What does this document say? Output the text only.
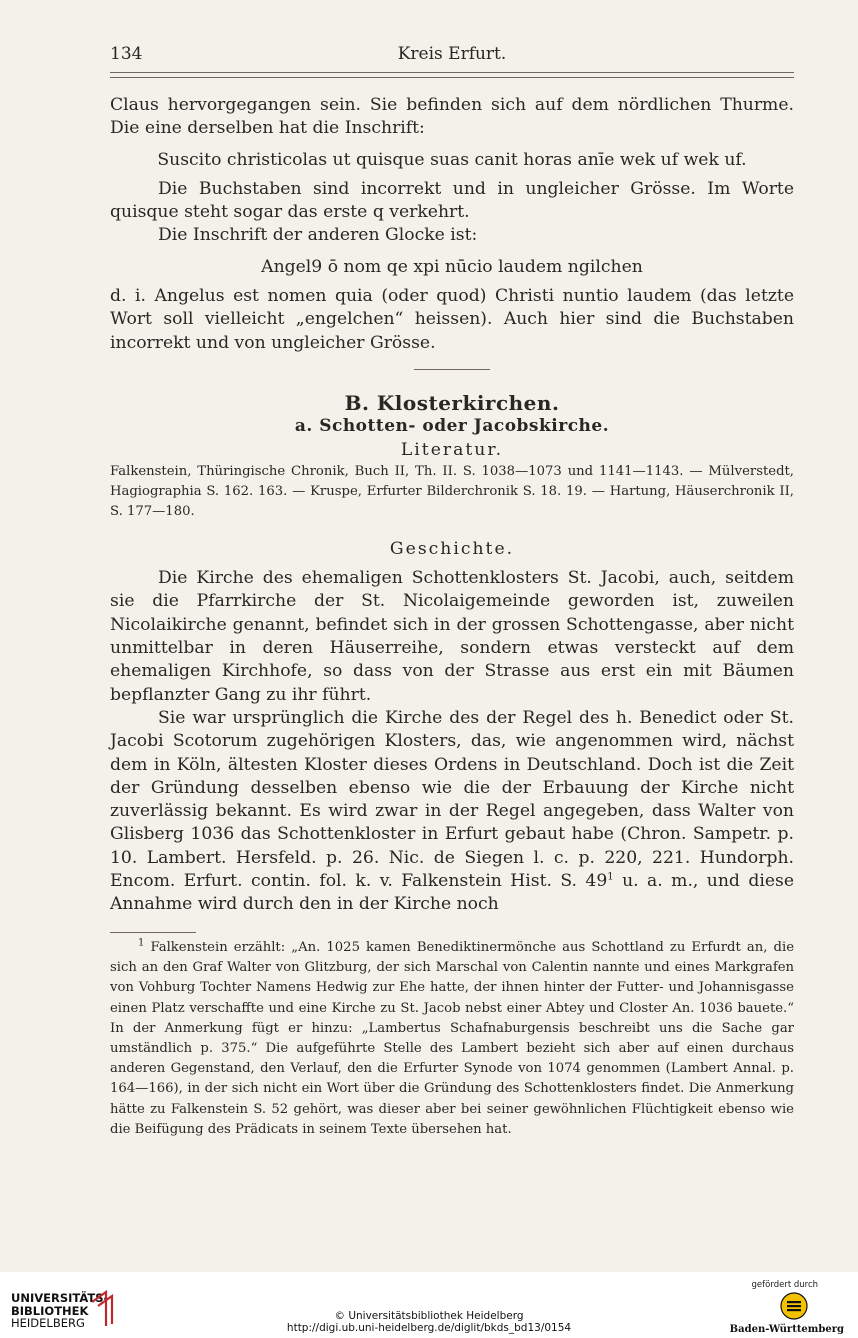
134	Kreis Erfurt.

Claus hervorgegangen sein. Sie befinden sich auf dem nördlichen Thurme. Die eine derselben hat die Inschrift:

Suscito christicolas ut quisque suas canit horas anīe wek uf wek uf.

Die Buchstaben sind incorrekt und in ungleicher Grösse. Im Worte quisque steht sogar das erste q verkehrt.

Die Inschrift der anderen Glocke ist:

Angel9 ō nom qe xpi nūcio laudem ngilchen

d. i. Angelus est nomen quia (oder quod) Christi nuntio laudem (das letzte Wort soll vielleicht „engelchen“ heissen). Auch hier sind die Buchstaben incorrekt und von ungleicher Grösse.

B. Klosterkirchen.

a. Schotten- oder Jacobskirche.

Literatur.

Falkenstein, Thüringische Chronik, Buch II, Th. II. S. 1038—1073 und 1141—1143. — Mülverstedt, Hagiographia S. 162. 163. — Kruspe, Erfurter Bilderchronik S. 18. 19. — Hartung, Häuserchronik II, S. 177—180.

Geschichte.

Die Kirche des ehemaligen Schottenklosters St. Jacobi, auch, seitdem sie die Pfarrkirche der St. Nicolaigemeinde geworden ist, zuweilen Nicolaikirche genannt, befindet sich in der grossen Schottengasse, aber nicht unmittelbar in deren Häuserreihe, sondern etwas versteckt auf dem ehemaligen Kirchhofe, so dass von der Strasse aus erst ein mit Bäumen bepflanzter Gang zu ihr führt.

Sie war ursprünglich die Kirche des der Regel des h. Benedict oder St. Jacobi Scotorum zugehörigen Klosters, das, wie angenommen wird, nächst dem in Köln, ältesten Kloster dieses Ordens in Deutschland. Doch ist die Zeit der Gründung desselben ebenso wie die der Erbauung der Kirche nicht zuverlässig bekannt. Es wird zwar in der Regel angegeben, dass Walter von Glisberg 1036 das Schottenkloster in Erfurt gebaut habe (Chron. Sampetr. p. 10. Lambert. Hersfeld. p. 26. Nic. de Siegen l. c. p. 220, 221. Hundorph. Encom. Erfurt. contin. fol. k. v. Falkenstein Hist. S. $49^1$ u. a. m., und diese Annahme wird durch den in der Kirche noch

$^1$ Falkenstein erzählt: „An. 1025 kamen Benediktinermönche aus Schottland zu Erfurdt an, die sich an den Graf Walter von Glitzburg, der sich Marschal von Calentin nannte und eines Markgrafen von Vohburg Tochter Namens Hedwig zur Ehe hatte, der ihnen hinter der Futter- und Johannisgasse einen Platz verschaffte und eine Kirche zu St. Jacob nebst einer Abtey und Closter An. 1036 bauete.“ In der Anmerkung fügt er hinzu: „Lambertus Schafnaburgensis beschreibt uns die Sache gar umständlich p. 375.“ Die aufgeführte Stelle des Lambert bezieht sich aber auf einen durchaus anderen Gegenstand, den Verlauf, den die Erfurter Synode von 1074 genommen (Lambert Annal. p. 164—166), in der sich nicht ein Wort über die Gründung des Schottenklosters findet. Die Anmerkung hätte zu Falkenstein S. 52 gehört, was dieser aber bei seiner gewöhnlichen Flüchtigkeit ebenso wie die Beifügung des Prädicats in seinem Texte übersehen hat.

UNIVERSITÄTS-
BIBLIOTHEK
HEIDELBERG	© Universitätsbibliothek Heidelberg
http://digi.ub.uni-heidelberg.de/diglit/bkds_bd13/0154
gefördert durch
Baden-Württemberg
